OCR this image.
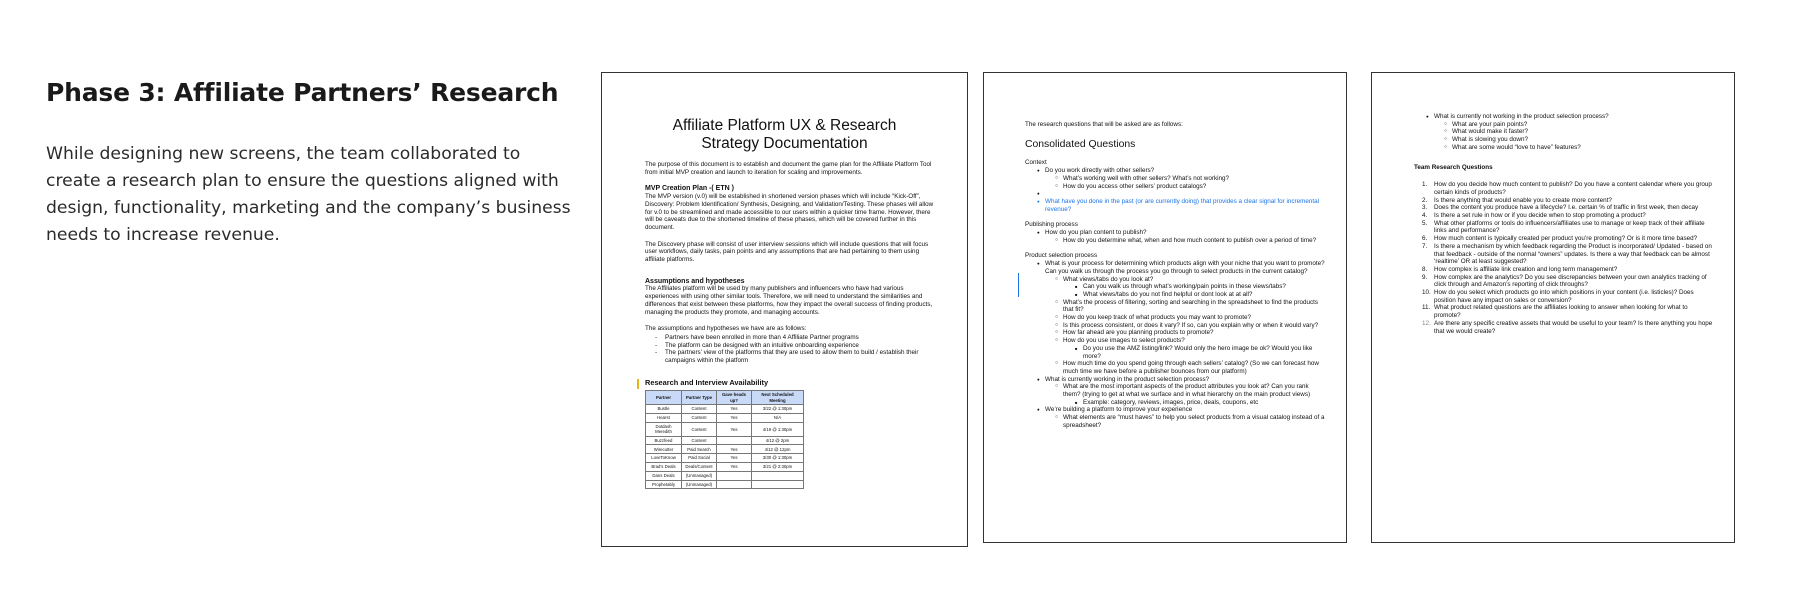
Phase 3: Affiliate Partners’ Research

While designing new screens, the team collaborated to create a research plan to ensure the questions aligned with design, functionality, marketing and the company’s business needs to increase revenue.

Affiliate Platform UX & Research
Strategy Documentation

The purpose of this document is to establish and document the game plan for the Affiliate Platform Tool from initial MVP creation and launch to iteration for scaling and improvements.

MVP Creation Plan -( ETN )

The MVP version (v.0) will be established in shortened version phases which will include “Kick-Off”, Discovery: Problem Identification/ Synthesis, Designing, and Validation/Testing. These phases will allow for v.0 to be streamlined and made accessible to our users within a quicker time frame. However, there will be caveats due to the shortened timeline of these phases, which will be covered further in this document.

The Discovery phase will consist of user interview sessions which will include questions that will focus user workflows, daily tasks, pain points and any assumptions that are had pertaining to them using affiliate platforms.

Assumptions and hypotheses

The Affiliates platform will be used by many publishers and influencers who have had various experiences with using other similar tools. Therefore, we will need to understand the similarities and differences that exist between these platforms, how they impact the overall success of finding products, managing the products they promote, and managing accounts.

The assumptions and hypotheses we have are as follows:
- Partners have been enrolled in more than 4 Affiliate Partner programs
- The platform can be designed with an intuitive onboarding experience
- The partners’ view of the platforms that they are used to allow them to build / establish their campaigns within the platform
Research and Interview Availability
Partner	Partner Type	Gave heads up?	Next Scheduled Meeting
Bustle	Content	Yes	3/22 @ 1:30pm
Hearst	Content	Yes	N/A
Dotdash Meredith	Content	Yes	4/19 @ 1:30pm
Buzzfeed	Content		4/12 @ 2pm
Wirecutter	Paid Search	Yes	4/12 @ 12pm
LoveToKnow	Paid Social	Yes	3/30 @ 1:30pm
Brad's Deals	Deals/Content	Yes	3/21 @ 2:30pm
Dans Deals	(Unmanaged)		
Prophetably	(Unmanaged)		
The research questions that will be asked are as follows:
Consolidated Questions
Context
● Do you work directly with other sellers?
○ What’s working well with other sellers? What’s not working?
○ How do you access other sellers’ product catalogs?
●
● What have you done in the past (or are currently doing) that provides a clear signal for incremental revenue?
Publishing process
● How do you plan content to publish?
○ How do you determine what, when and how much content to publish over a period of time?
Product selection process
● What is your process for determining which products align with your niche that you want to promote? Can you walk us through the process you go through to select products in the current catalog?
○ What views/tabs do you look at?
■ Can you walk us through what’s working/pain points in these views/tabs?
■ What views/tabs do you not find helpful or dont look at at all?
○ What’s the process of filtering, sorting and searching in the spreadsheet to find the products that fit?
○ How do you keep track of what products you may want to promote?
○ Is this process consistent, or does it vary? If so, can you explain why or when it would vary?
○ How far ahead are you planning products to promote?
○ How do you use images to select products?
■ Do you use the AMZ listing/link? Would only the hero image be ok? Would you like more?
○ How much time do you spend going through each sellers’ catalog? (So we can forecast how much time we have before a publisher bounces from our platform)
● What is currently working in the product selection process?
○ What are the most important aspects of the product attributes you look at? Can you rank them? (trying to get at what we surface and in what hierarchy on the main product views)
■ Example: category, reviews, images, price, deals, coupons, etc
● We’re building a platform to improve your experience
○ What elements are “must haves” to help you select products from a visual catalog instead of a spreadsheet?
● What is currently not working in the product selection process?
○ What are your pain points?
○ What would make it faster?
○ What is slowing you down?
○ What are some would “love to have” features?
Team Research Questions
1. How do you decide how much content to publish? Do you have a content calendar where you group certain kinds of products?
2. Is there anything that would enable you to create more content?
3. Does the content you produce have a lifecycle? I.e. certain % of traffic in first week, then decay
4. Is there a set rule in how or if you decide when to stop promoting a product?
5. What other platforms or tools do influencers/affiliates use to manage or keep track of their affiliate links and performance?
6. How much content is typically created per product you’re promoting? Or is it more time based?
7. Is there a mechanism by which feedback regarding the Product is incorporated/ Updated - based on that feedback - outside of the normal “owners” updates. Is there a way that feedback can be almost ‘realtime’ OR at least suggested?
8. How complex is affiliate link creation and long term management?
9. How complex are the analytics? Do you see discrepancies between your own analytics tracking of click through and Amazon’s reporting of click throughs?
10. How do you select which products go into which positions in your content (i.e. listicles)? Does position have any impact on sales or conversion?
11. What product related questions are the affiliates looking to answer when looking for what to promote?
12. Are there any specific creative assets that would be useful to your team? Is there anything you hope that we would create?
